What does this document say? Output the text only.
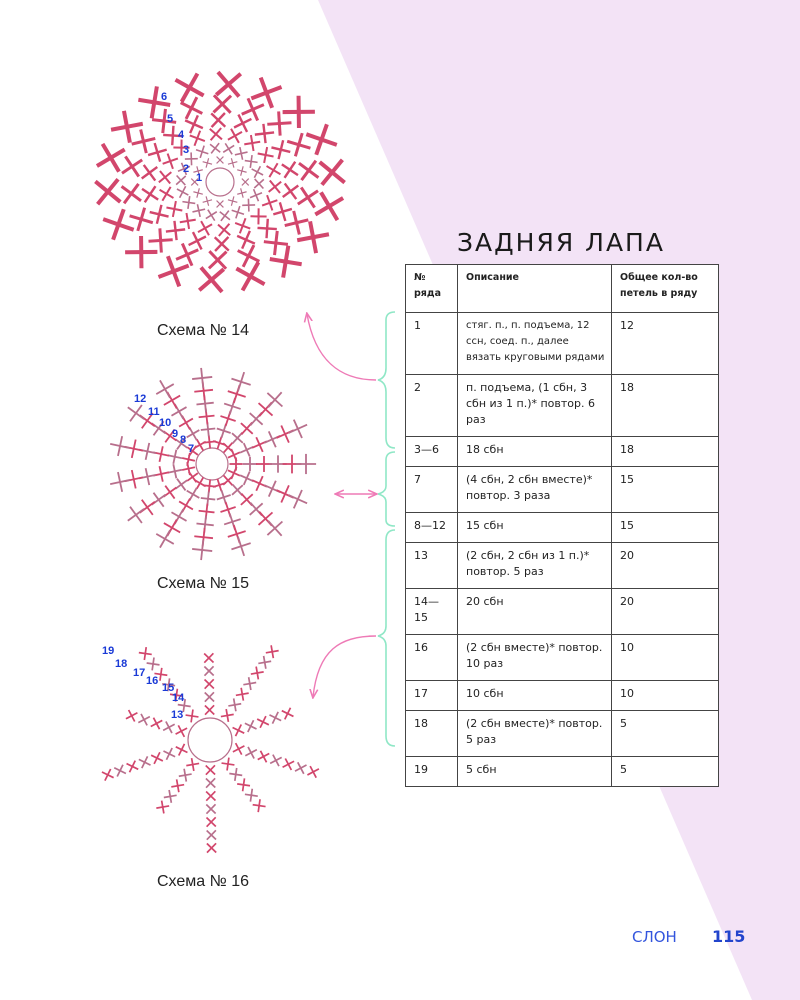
6
5
4
3
2
1
12
11
10
9 8
7
19
18
17
16
15
14
13
Схема № 14
Схема № 15
Схема № 16
ЗАДНЯЯ ЛАПА
№ ряда	Описание	Общее кол-во петель в ряду
1	стяг. п., п. подъема, 12 ссн, соед. п., далее вязать круговыми рядами	12
2	п. подъема, (1 сбн, 3 сбн из 1 п.)* повтор. 6 раз	18
3—6	18 сбн	18
7	(4 сбн, 2 сбн вместе)* повтор. 3 раза	15
8—12	15 сбн	15
13	(2 сбн, 2 сбн из 1 п.)* повтор. 5 раз	20
14—15	20 сбн	20
16	(2 сбн вместе)* повтор. 10 раз	10
17	10 сбн	10
18	(2 сбн вместе)* повтор. 5 раз	5
19	5 сбн	5
СЛОН 115
